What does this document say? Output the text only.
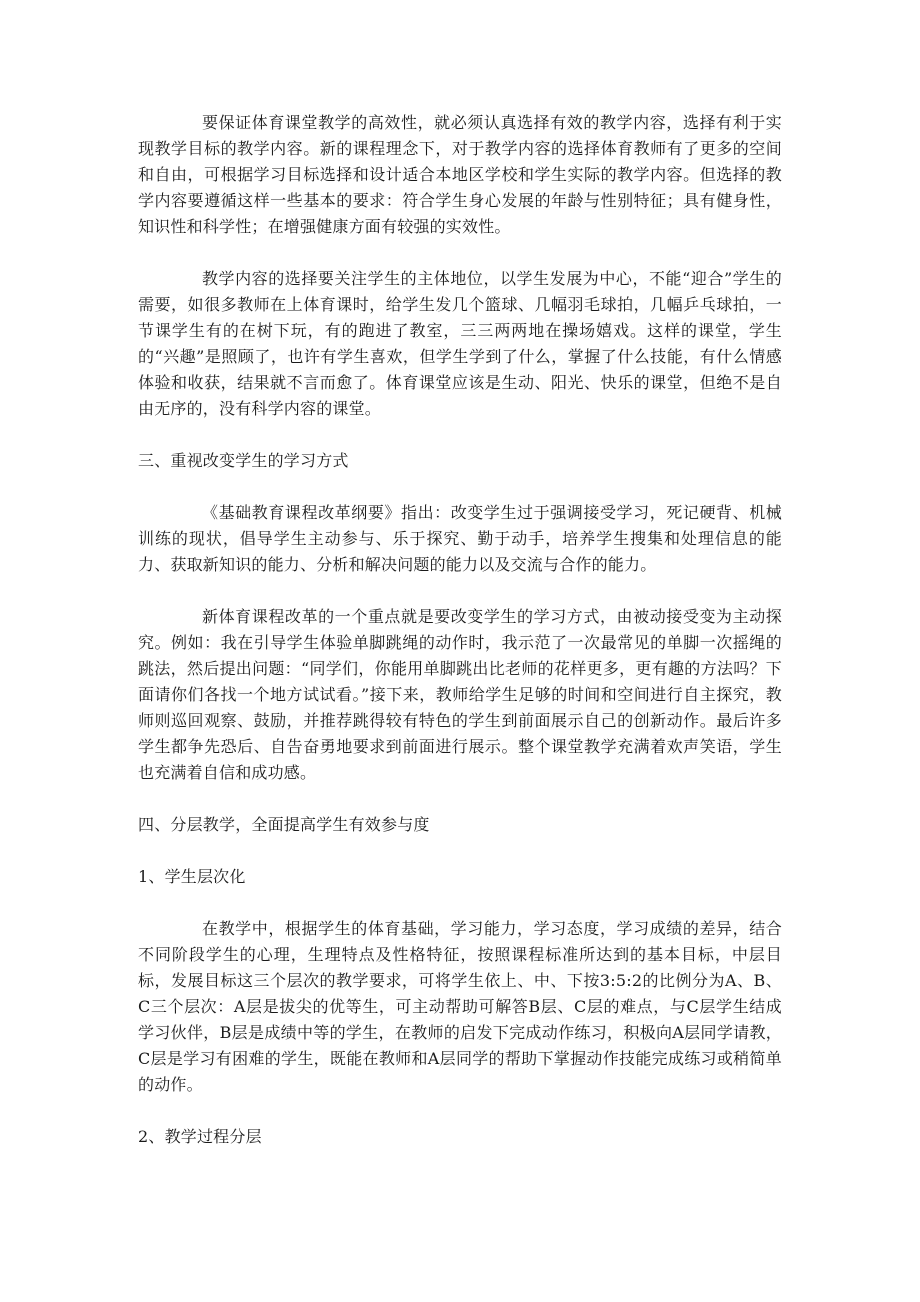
要保证体育课堂教学的高效性，就必须认真选择有效的教学内容，选择有利于实现教学目标的教学内容。新的课程理念下，对于教学内容的选择体育教师有了更多的空间和自由，可根据学习目标选择和设计适合本地区学校和学生实际的教学内容。但选择的教学内容要遵循这样一些基本的要求：符合学生身心发展的年龄与性别特征；具有健身性，知识性和科学性；在增强健康方面有较强的实效性。

教学内容的选择要关注学生的主体地位，以学生发展为中心，不能“迎合”学生的需要，如很多教师在上体育课时，给学生发几个篮球、几幅羽毛球拍，几幅乒乓球拍，一节课学生有的在树下玩，有的跑进了教室，三三两两地在操场嬉戏。这样的课堂，学生的“兴趣”是照顾了，也许有学生喜欢，但学生学到了什么，掌握了什么技能，有什么情感体验和收获，结果就不言而愈了。体育课堂应该是生动、阳光、快乐的课堂，但绝不是自由无序的，没有科学内容的课堂。

三、重视改变学生的学习方式

《基础教育课程改革纲要》指出：改变学生过于强调接受学习，死记硬背、机械训练的现状，倡导学生主动参与、乐于探究、勤于动手，培养学生搜集和处理信息的能力、获取新知识的能力、分析和解决问题的能力以及交流与合作的能力。

新体育课程改革的一个重点就是要改变学生的学习方式，由被动接受变为主动探究。例如：我在引导学生体验单脚跳绳的动作时，我示范了一次最常见的单脚一次摇绳的跳法，然后提出问题：“同学们，你能用单脚跳出比老师的花样更多，更有趣的方法吗？下面请你们各找一个地方试试看。”接下来，教师给学生足够的时间和空间进行自主探究，教师则巡回观察、鼓励，并推荐跳得较有特色的学生到前面展示自己的创新动作。最后许多学生都争先恐后、自告奋勇地要求到前面进行展示。整个课堂教学充满着欢声笑语，学生也充满着自信和成功感。

四、分层教学，全面提高学生有效参与度

1、学生层次化

在教学中，根据学生的体育基础，学习能力，学习态度，学习成绩的差异，结合不同阶段学生的心理，生理特点及性格特征，按照课程标准所达到的基本目标，中层目标，发展目标这三个层次的教学要求，可将学生依上、中、下按3:5:2的比例分为A、B、C三个层次：A层是拔尖的优等生，可主动帮助可解答B层、C层的难点，与C层学生结成学习伙伴，B层是成绩中等的学生，在教师的启发下完成动作练习，积极向A层同学请教，C层是学习有困难的学生，既能在教师和A层同学的帮助下掌握动作技能完成练习或稍简单的动作。

2、教学过程分层
